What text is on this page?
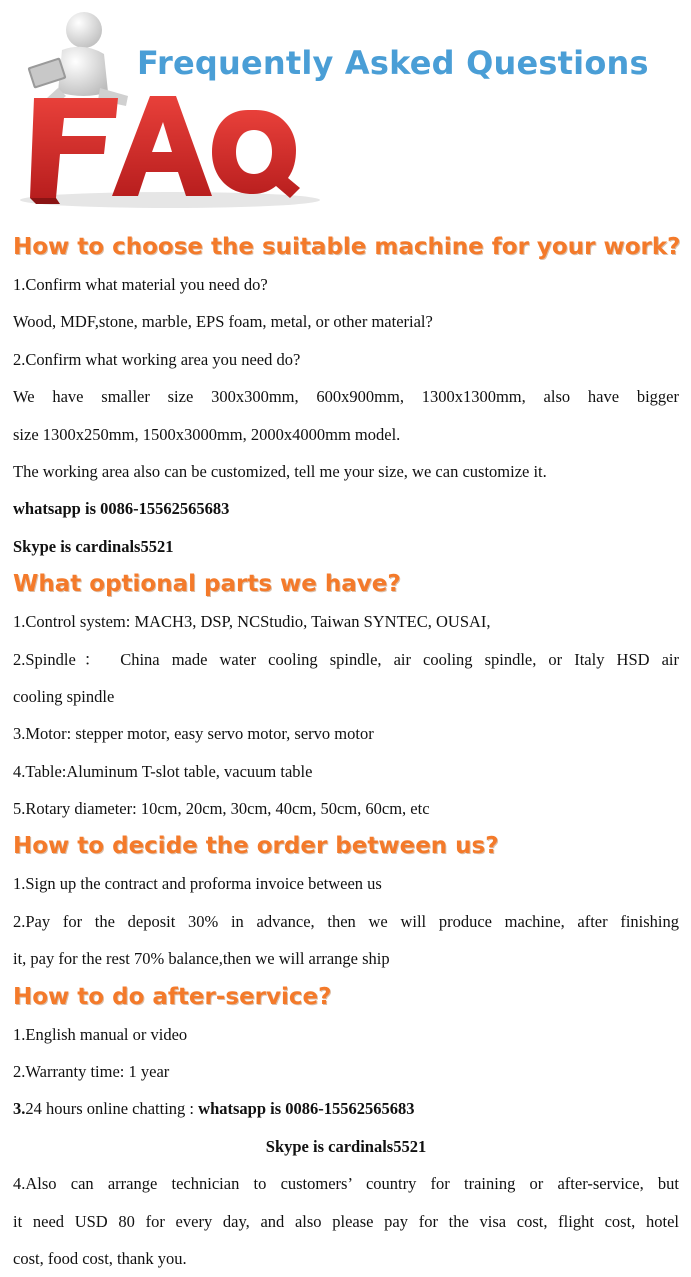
Frequently Asked Questions
How to choose the suitable machine for your work?
1.Confirm what material you need do?
Wood, MDF,stone, marble, EPS foam, metal, or other material?
2.Confirm what working area you need do?
We have smaller size 300x300mm, 600x900mm, 1300x1300mm, also have bigger
size 1300x250mm, 1500x3000mm, 2000x4000mm model.
The working area also can be customized, tell me your size, we can customize it.
whatsapp is 0086-15562565683
Skype is cardinals5521
What optional parts we have?
1.Control system: MACH3, DSP, NCStudio, Taiwan SYNTEC, OUSAI,
2.Spindle： China made water cooling spindle, air cooling spindle, or Italy HSD air
cooling spindle
3.Motor: stepper motor, easy servo motor, servo motor
4.Table:Aluminum T-slot table, vacuum table
5.Rotary diameter: 10cm, 20cm, 30cm, 40cm, 50cm, 60cm, etc
How to decide the order between us?
1.Sign up the contract and proforma invoice between us
2.Pay for the deposit 30% in advance, then we will produce machine, after finishing
it, pay for the rest 70% balance,then we will arrange ship
How to do after-service?
1.English manual or video
2.Warranty time: 1 year
3.24 hours online chatting : whatsapp is 0086-15562565683
Skype is cardinals5521
4.Also can arrange technician to customers’ country for training or after-service, but
it need USD 80 for every day, and also please pay for the visa cost, flight cost, hotel
cost, food cost, thank you.
